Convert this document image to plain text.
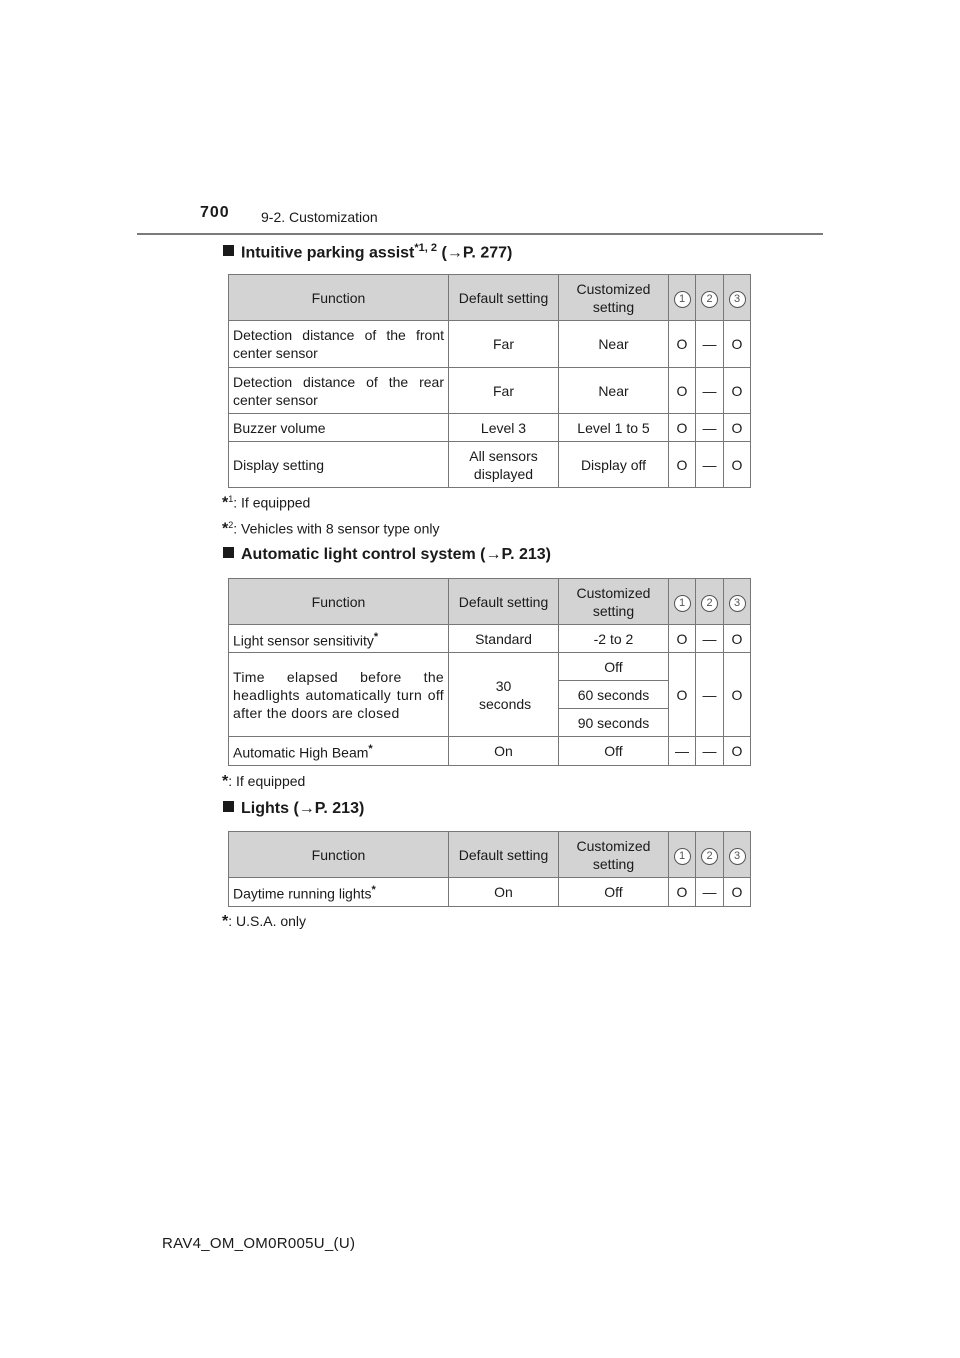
700 9-2. Customization
Intuitive parking assist$^{*1, 2}$ (→P. 277)
Function	Default setting	Customized setting	1	2	3
Detection distance of the front center sensor	Far	Near	O	—	O
Detection distance of the rear center sensor	Far	Near	O	—	O
Buzzer volume	Level 3	Level 1 to 5	O	—	O
Display setting	All sensors displayed	Display off	O	—	O
*$^1$: If equipped
*$^2$: Vehicles with 8 sensor type only
Automatic light control system (→P. 213)
Function	Default setting	Customized setting	1	2	3
Light sensor sensitivity*	Standard	-2 to 2	O	—	O
Time elapsed before the headlights automatically turn off after the doors are closed	30 seconds	Off	O	—	O
		60 seconds			
		90 seconds			
Automatic High Beam*	On	Off	—	—	O
*: If equipped
Lights (→P. 213)
Function	Default setting	Customized setting	1	2	3
Daytime running lights*	On	Off	O	—	O
*: U.S.A. only
RAV4_OM_OM0R005U_(U)
